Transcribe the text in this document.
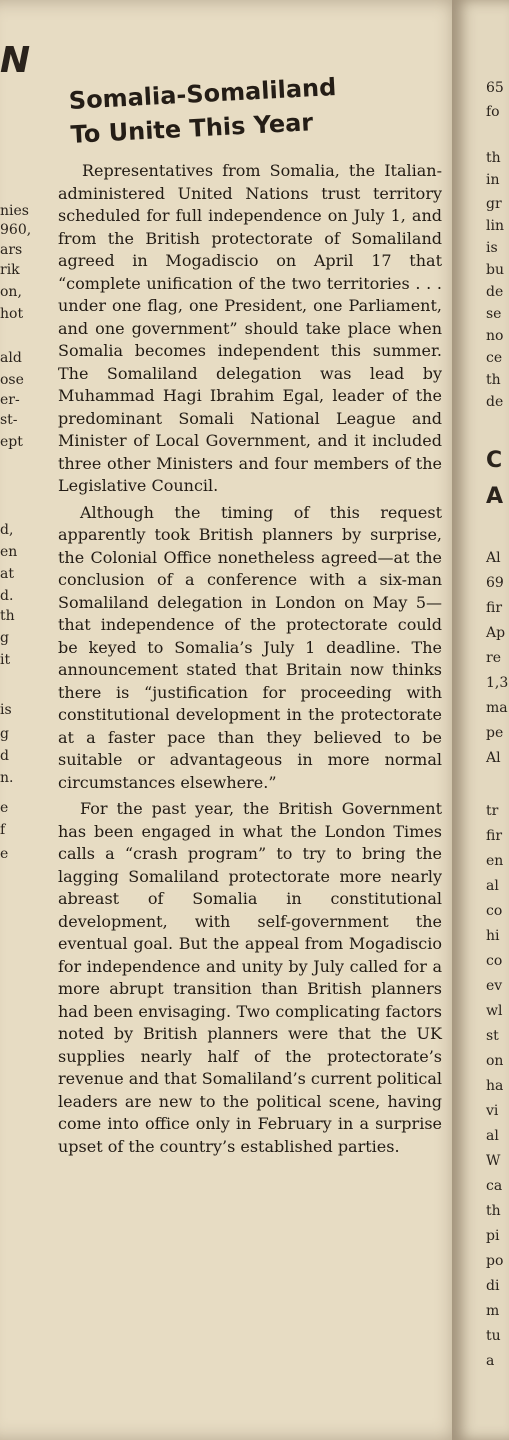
N
nies
960,
ars
rik
on,
hot
ald
ose
er-
st-
ept
d,
en
at
d.
th
g
it
is
g
d
n.
e
f
e
65
fo
th
in
gr
lin
is
bu
de
se
no
ce
th
de
C
A
Al
69
fir
Ap
re
1,3
ma
pe
Al
tr
fir
en
al
co
hi
co
ev
wl
st
on
ha
vi
al
W
ca
th
pi
po
di
m
tu
a
Somalia-Somaliland
To Unite This Year

Representatives from Somalia, the Italian-administered United Nations trust territory scheduled for full independence on July 1, and from the British protectorate of Somaliland agreed in Mogadiscio on April 17 that “complete unification of the two territories . . . under one flag, one President, one Parliament, and one government” should take place when Somalia becomes independent this summer. The Somaliland delegation was lead by Muhammad Hagi Ibrahim Egal, leader of the predominant Somali National League and Minister of Local Government, and it included three other Ministers and four members of the Legislative Council.

Although the timing of this request apparently took British planners by surprise, the Colonial Office nonetheless agreed—at the conclusion of a conference with a six-man Somaliland delegation in London on May 5—that independence of the protectorate could be keyed to Somalia’s July 1 deadline. The announcement stated that Britain now thinks there is “justification for proceeding with constitutional development in the protectorate at a faster pace than they believed to be suitable or advantageous in more normal circumstances elsewhere.”

For the past year, the British Government has been engaged in what the London Times calls a “crash program” to try to bring the lagging Somaliland protectorate more nearly abreast of Somalia in constitutional development, with self-government the eventual goal. But the appeal from Mogadiscio for independence and unity by July called for a more abrupt transition than British planners had been envisaging. Two complicating factors noted by British planners were that the UK supplies nearly half of the protectorate’s revenue and that Somaliland’s current political leaders are new to the political scene, having come into office only in February in a surprise upset of the country’s established parties.
